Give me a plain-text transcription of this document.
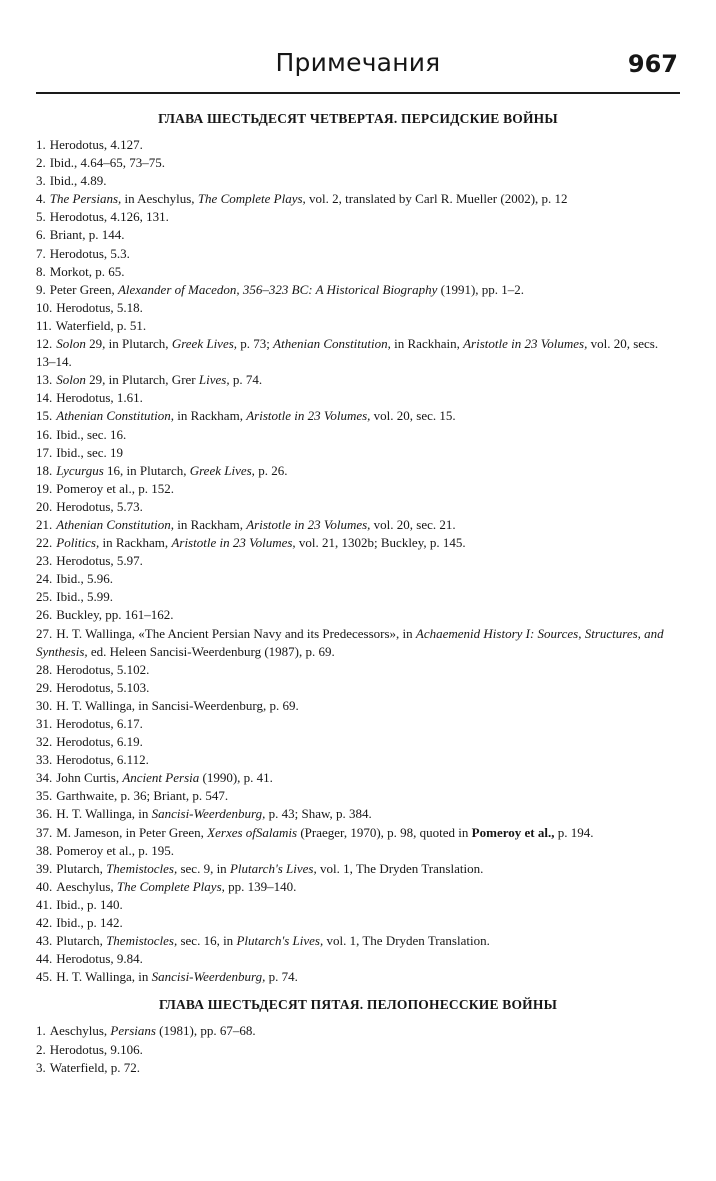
Примечания	967
ГЛАВА ШЕСТЬДЕСЯТ ЧЕТВЕРТАЯ. ПЕРСИДСКИЕ ВОЙНЫ
1. Herodotus, 4.127.
2. Ibid., 4.64–65, 73–75.
3. Ibid., 4.89.
4. The Persians, in Aeschylus, The Complete Plays, vol. 2, translated by Carl R. Mueller (2002), p. 12
5. Herodotus, 4.126, 131.
6. Briant, p. 144.
7. Herodotus, 5.3.
8. Morkot, p. 65.
9. Peter Green, Alexander of Macedon, 356–323 BC: A Historical Biography (1991), pp. 1–2.
10. Herodotus, 5.18.
11. Waterfield, p. 51.
12. Solon 29, in Plutarch, Greek Lives, p. 73; Athenian Constitution, in Rackhain, Aristotle in 23 Volumes, vol. 20, secs. 13–14.
13. Solon 29, in Plutarch, Grer Lives, p. 74.
14. Herodotus, 1.61.
15. Athenian Constitution, in Rackham, Aristotle in 23 Volumes, vol. 20, sec. 15.
16. Ibid., sec. 16.
17. Ibid., sec. 19
18. Lycurgus 16, in Plutarch, Greek Lives, p. 26.
19. Pomeroy et al., p. 152.
20. Herodotus, 5.73.
21. Athenian Constitution, in Rackham, Aristotle in 23 Volumes, vol. 20, sec. 21.
22. Politics, in Rackham, Aristotle in 23 Volumes, vol. 21, 1302b; Buckley, p. 145.
23. Herodotus, 5.97.
24. Ibid., 5.96.
25. Ibid., 5.99.
26. Buckley, pp. 161–162.
27. H. T. Wallinga, «The Ancient Persian Navy and its Predecessors», in Achaemenid History I: Sources, Structures, and Synthesis, ed. Heleen Sancisi-Weerdenburg (1987), p. 69.
28. Herodotus, 5.102.
29. Herodotus, 5.103.
30. H. T. Wallinga, in Sancisi-Weerdenburg, p. 69.
31. Herodotus, 6.17.
32. Herodotus, 6.19.
33. Herodotus, 6.112.
34. John Curtis, Ancient Persia (1990), p. 41.
35. Garthwaite, p. 36; Briant, p. 547.
36. H. T. Wallinga, in Sancisi-Weerdenburg, p. 43; Shaw, p. 384.
37. M. Jameson, in Peter Green, Xerxes ofSalamis (Praeger, 1970), p. 98, quoted in Pomeroy et al., p. 194.
38. Pomeroy et al., p. 195.
39. Plutarch, Themistocles, sec. 9, in Plutarch's Lives, vol. 1, The Dryden Translation.
40. Aeschylus, The Complete Plays, pp. 139–140.
41. Ibid., p. 140.
42. Ibid., p. 142.
43. Plutarch, Themistocles, sec. 16, in Plutarch's Lives, vol. 1, The Dryden Translation.
44. Herodotus, 9.84.
45. H. T. Wallinga, in Sancisi-Weerdenburg, p. 74.
ГЛАВА ШЕСТЬДЕСЯТ ПЯТАЯ. ПЕЛОПОНЕССКИЕ ВОЙНЫ
1. Aeschylus, Persians (1981), pp. 67–68.
2. Herodotus, 9.106.
3. Waterfield, p. 72.
